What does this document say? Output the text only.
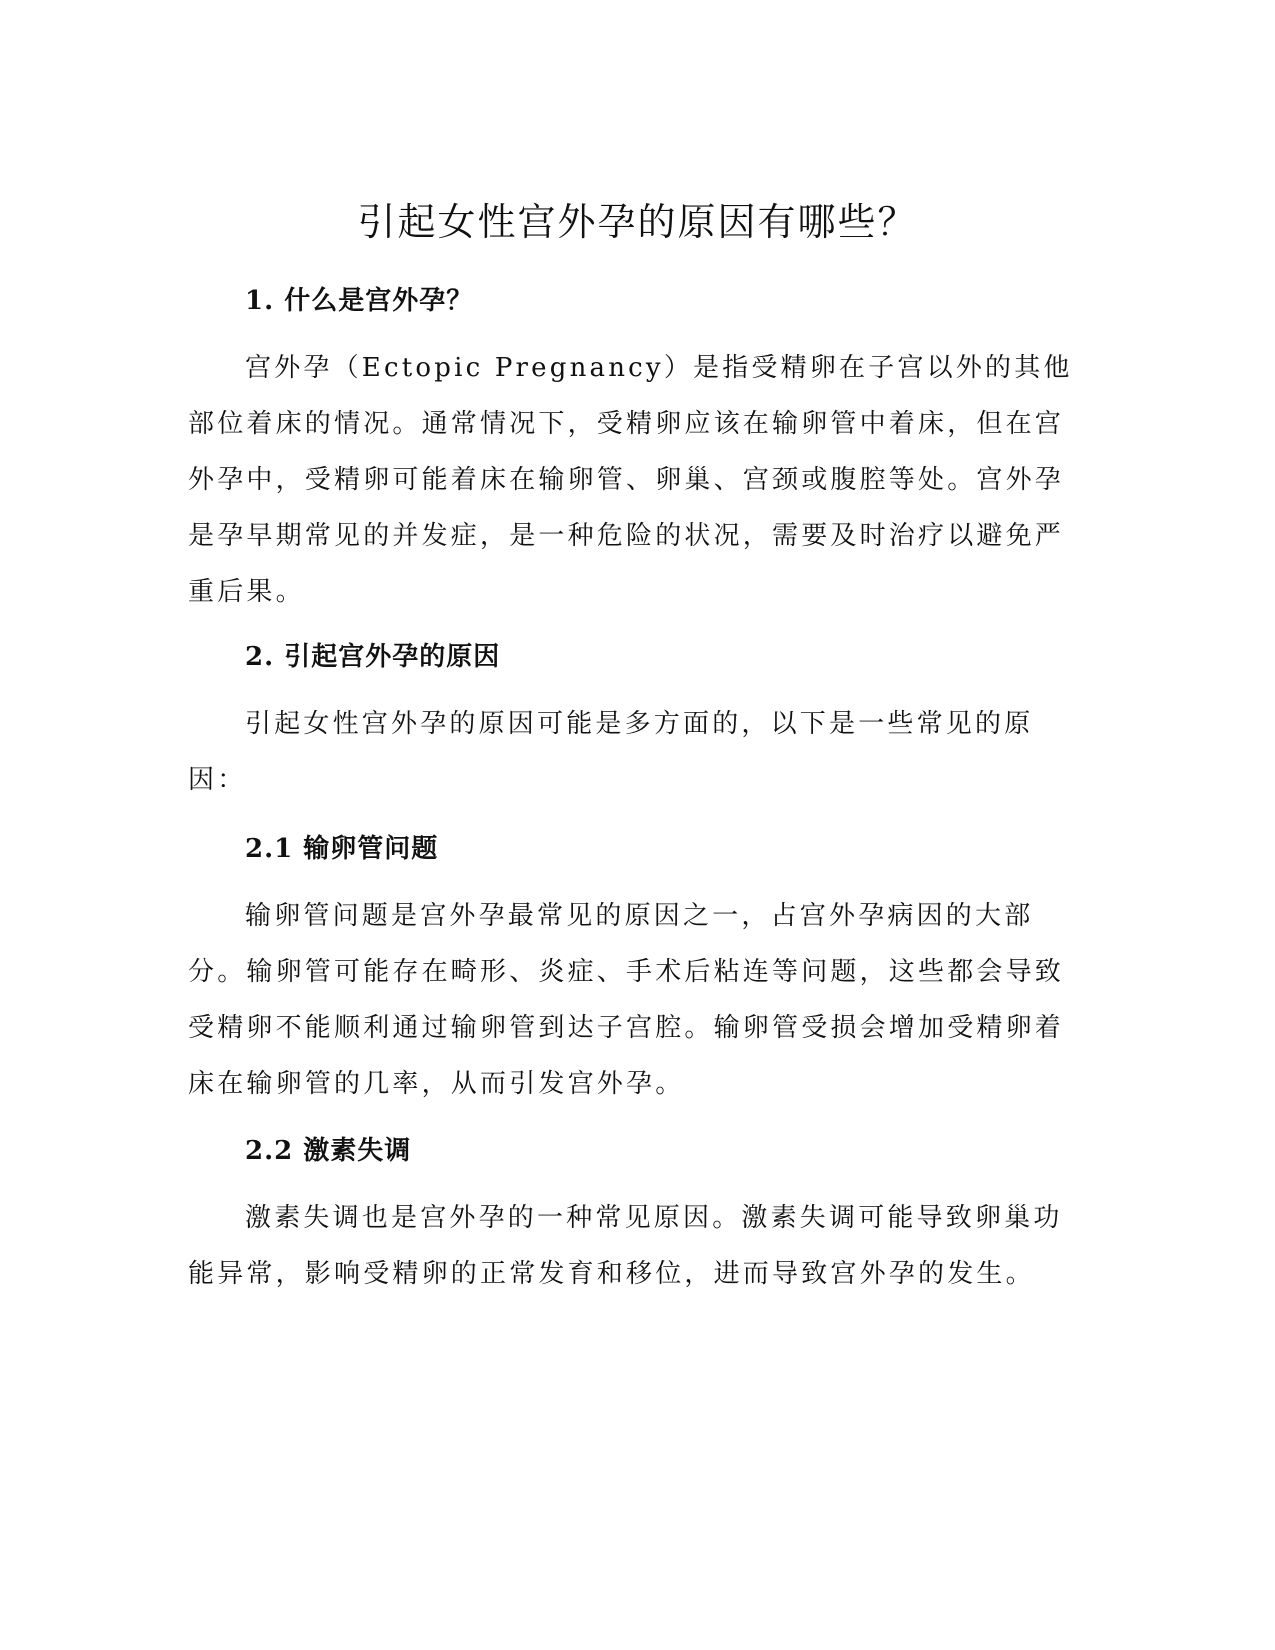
引起女性宫外孕的原因有哪些？
1. 什么是宫外孕？

宫外孕（Ectopic Pregnancy）是指受精卵在子宫以外的其他部位着床的情况。通常情况下，受精卵应该在输卵管中着床，但在宫外孕中，受精卵可能着床在输卵管、卵巢、宫颈或腹腔等处。宫外孕是孕早期常见的并发症，是一种危险的状况，需要及时治疗以避免严重后果。

2. 引起宫外孕的原因

引起女性宫外孕的原因可能是多方面的，以下是一些常见的原因：

2.1 输卵管问题

输卵管问题是宫外孕最常见的原因之一，占宫外孕病因的大部分。输卵管可能存在畸形、炎症、手术后粘连等问题，这些都会导致受精卵不能顺利通过输卵管到达子宫腔。输卵管受损会增加受精卵着床在输卵管的几率，从而引发宫外孕。

2.2 激素失调

激素失调也是宫外孕的一种常见原因。激素失调可能导致卵巢功能异常，影响受精卵的正常发育和移位，进而导致宫外孕的发生。
